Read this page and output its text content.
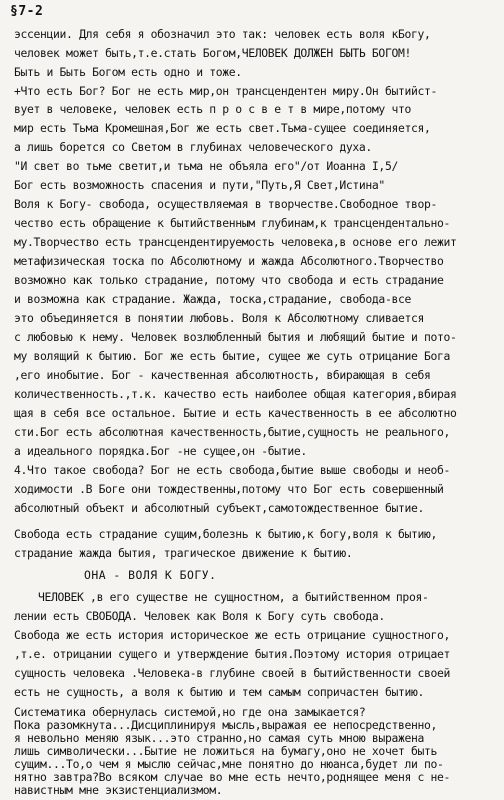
§7-2
эссенции. Для себя я обозначил это так: человек есть воля кБогу,
человек может быть,т.е.стать Богом,ЧЕЛОВЕК ДОЛЖЕН БЫТЬ БОГОМ!
Быть и Быть Богом есть одно и тоже.
+Что есть Бог? Бог не есть мир,он трансцендентен миру.Он бытийст-
вует в человеке, человек есть п р о с в е т в мире,потому что
мир есть Тьма Кромешная,Бог же есть свет.Тьма-сущее соединяется,
а лишь борется со Светом в глубинах человеческого духа.
"И свет во тьме светит,и тьма не объяла его"/от Иоанна I,5/
Бог есть возможность спасения и пути,"Путь,Я Свет,Истина"
Воля к Богу- свобода, осуществляемая в творчестве.Свободное твор-
чество есть обращение к бытийственным глубинам,к трансцендентально-
му.Творчество есть трансцендентируемость человека,в основе его лежит
метафизическая тоска по Абсолютному и жажда Абсолютного.Творчество
возможно как только страдание, потому что свобода и есть страдание
и возможна как страдание. Жажда, тоска,страдание, свобода-все
это объединяется в понятии любовь. Воля к Абсолютному сливается
с любовью к нему. Человек возлюбленный бытия и любящий бытие и пото-
му волящий к бытию. Бог же есть бытие, сущее же суть отрицание Бога
,его инобытие. Бог - качественная абсолютность, вбирающая в себя
количественность.,т.к. качество есть наиболее общая категория,вбирая
щая в себя все остальное. Бытие и есть качественность в ее абсолютно
сти.Бог есть абсолютная качественность,бытие,сущность не реального,
а идеального порядка.Бог -не сущее,он -бытие.
4.Что такое свобода? Бог не есть свобода,бытие выше свободы и необ-
ходимости .В Боге они тождественны,потому что Бог есть совершенный
абсолютный объект и абсолютный субъект,самотождественное бытие.
Свобода есть страдание сущим,болезнь к бытию,к богу,воля к бытию,
страдание жажда бытия, трагическое движение к бытию.
ОНА - ВОЛЯ К БОГУ.
ЧЕЛОВЕК ,в его существе не сущностном, а бытийственном проя-
лении есть СВОБОДА. Человек как Воля к Богу суть свобода.
Свобода же есть история историческое же есть отрицание сущностного,
,т.е. отрицании сущего и утверждение бытия.Поэтому история отрицает
сущность человека .Человека-в глубине своей в бытийственности своей
есть не сущность, а воля к бытию и тем самым сопричастен бытию.
Систематика обернулась системой,но где она замыкается?
Пока разомкнута...Дисциплинируя мысль,выражая ее непосредственно,
я невольно меняю язык...это странно,но самая суть мною выражена
лишь символически...Бытие не ложиться на бумагу,оно не хочет быть
сущим...То,о чем я мыслю сейчас,мне понятно до нюанса,будет ли по-
нятно завтра?Во всяком случае во мне есть нечто,роднящее меня с не-
навистным мне экзистенциализмом.
